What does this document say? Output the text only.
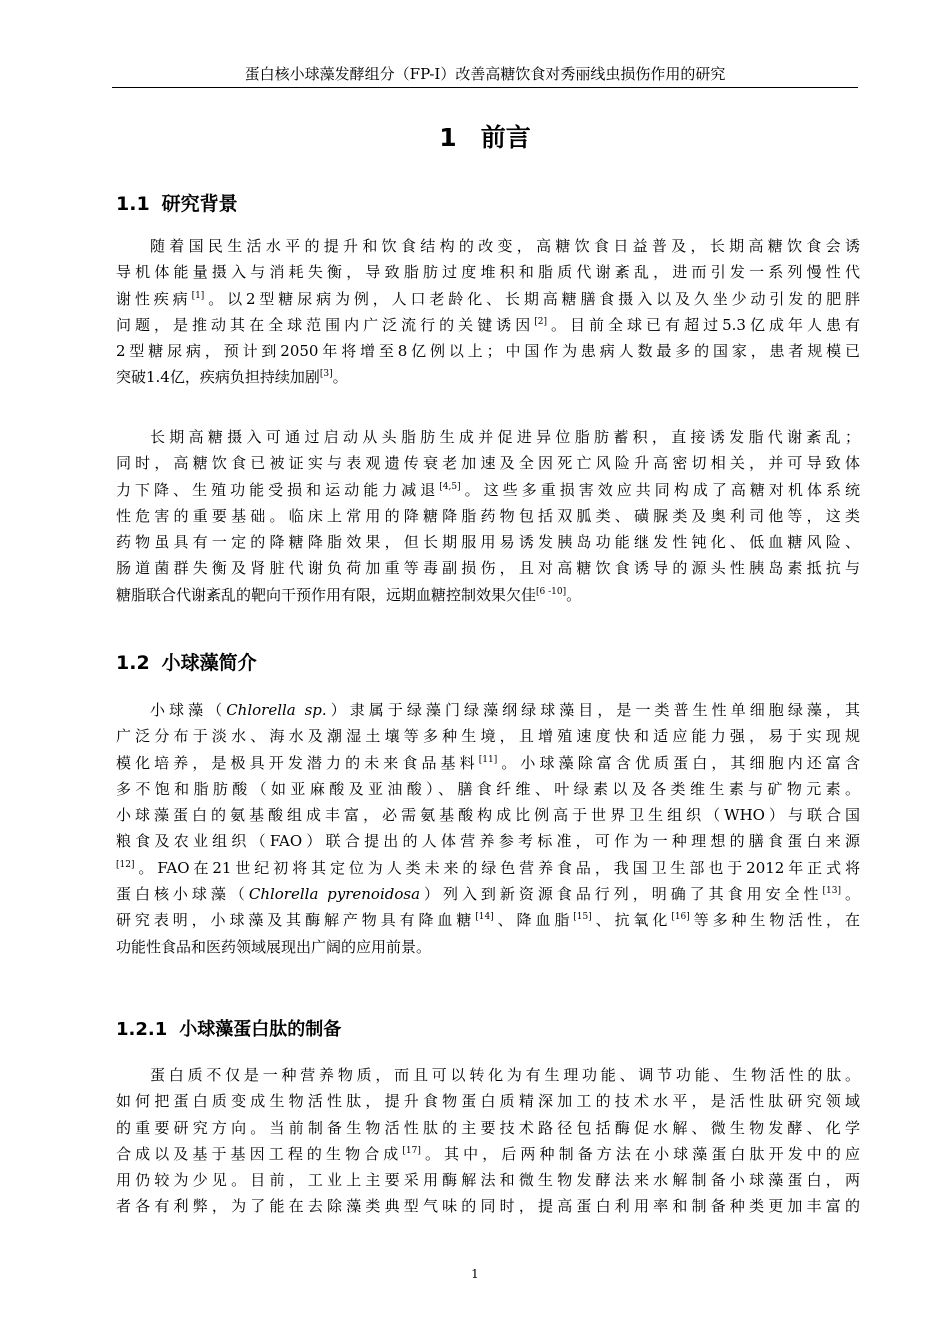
蛋白核小球藻发酵组分（FP-I）改善高糖饮食对秀丽线虫损伤作用的研究
1 前言
1.1 研究背景
随着国民生活水平的提升和饮食结构的改变，高糖饮食日益普及，长期高糖饮食会诱
导机体能量摄入与消耗失衡，导致脂肪过度堆积和脂质代谢紊乱，进而引发一系列慢性代
谢性疾病[1]。以2型糖尿病为例，人口老龄化、长期高糖膳食摄入以及久坐少动引发的肥胖
问题，是推动其在全球范围内广泛流行的关键诱因[2]。目前全球已有超过5.3亿成年人患有
2型糖尿病，预计到2050年将增至8亿例以上；中国作为患病人数最多的国家，患者规模已
突破1.4亿，疾病负担持续加剧[3]。
长期高糖摄入可通过启动从头脂肪生成并促进异位脂肪蓄积，直接诱发脂代谢紊乱；
同时，高糖饮食已被证实与表观遗传衰老加速及全因死亡风险升高密切相关，并可导致体
力下降、生殖功能受损和运动能力减退[4,5]。这些多重损害效应共同构成了高糖对机体系统
性危害的重要基础。临床上常用的降糖降脂药物包括双胍类、磺脲类及奥利司他等，这类
药物虽具有一定的降糖降脂效果，但长期服用易诱发胰岛功能继发性钝化、低血糖风险、
肠道菌群失衡及肾脏代谢负荷加重等毒副损伤，且对高糖饮食诱导的源头性胰岛素抵抗与
糖脂联合代谢紊乱的靶向干预作用有限，远期血糖控制效果欠佳[6 -10]。
1.2 小球藻简介
小球藻（Chlorella sp.）隶属于绿藻门绿藻纲绿球藻目，是一类普生性单细胞绿藻，其
广泛分布于淡水、海水及潮湿土壤等多种生境，且增殖速度快和适应能力强，易于实现规
模化培养，是极具开发潜力的未来食品基料[11]。小球藻除富含优质蛋白，其细胞内还富含
多不饱和脂肪酸（如亚麻酸及亚油酸）、膳食纤维、叶绿素以及各类维生素与矿物元素。
小球藻蛋白的氨基酸组成丰富，必需氨基酸构成比例高于世界卫生组织（WHO）与联合国
粮食及农业组织（FAO）联合提出的人体营养参考标准，可作为一种理想的膳食蛋白来源
[12]。FAO在21世纪初将其定位为人类未来的绿色营养食品，我国卫生部也于2012年正式将
蛋白核小球藻（Chlorella pyrenoidosa）列入到新资源食品行列，明确了其食用安全性[13]。
研究表明，小球藻及其酶解产物具有降血糖[14]、降血脂[15]、抗氧化[16]等多种生物活性，在
功能性食品和医药领域展现出广阔的应用前景。
1.2.1 小球藻蛋白肽的制备
蛋白质不仅是一种营养物质，而且可以转化为有生理功能、调节功能、生物活性的肽。
如何把蛋白质变成生物活性肽，提升食物蛋白质精深加工的技术水平，是活性肽研究领域
的重要研究方向。当前制备生物活性肽的主要技术路径包括酶促水解、微生物发酵、化学
合成以及基于基因工程的生物合成[17]。其中，后两种制备方法在小球藻蛋白肽开发中的应
用仍较为少见。目前，工业上主要采用酶解法和微生物发酵法来水解制备小球藻蛋白，两
者各有利弊，为了能在去除藻类典型气味的同时，提高蛋白利用率和制备种类更加丰富的
1
